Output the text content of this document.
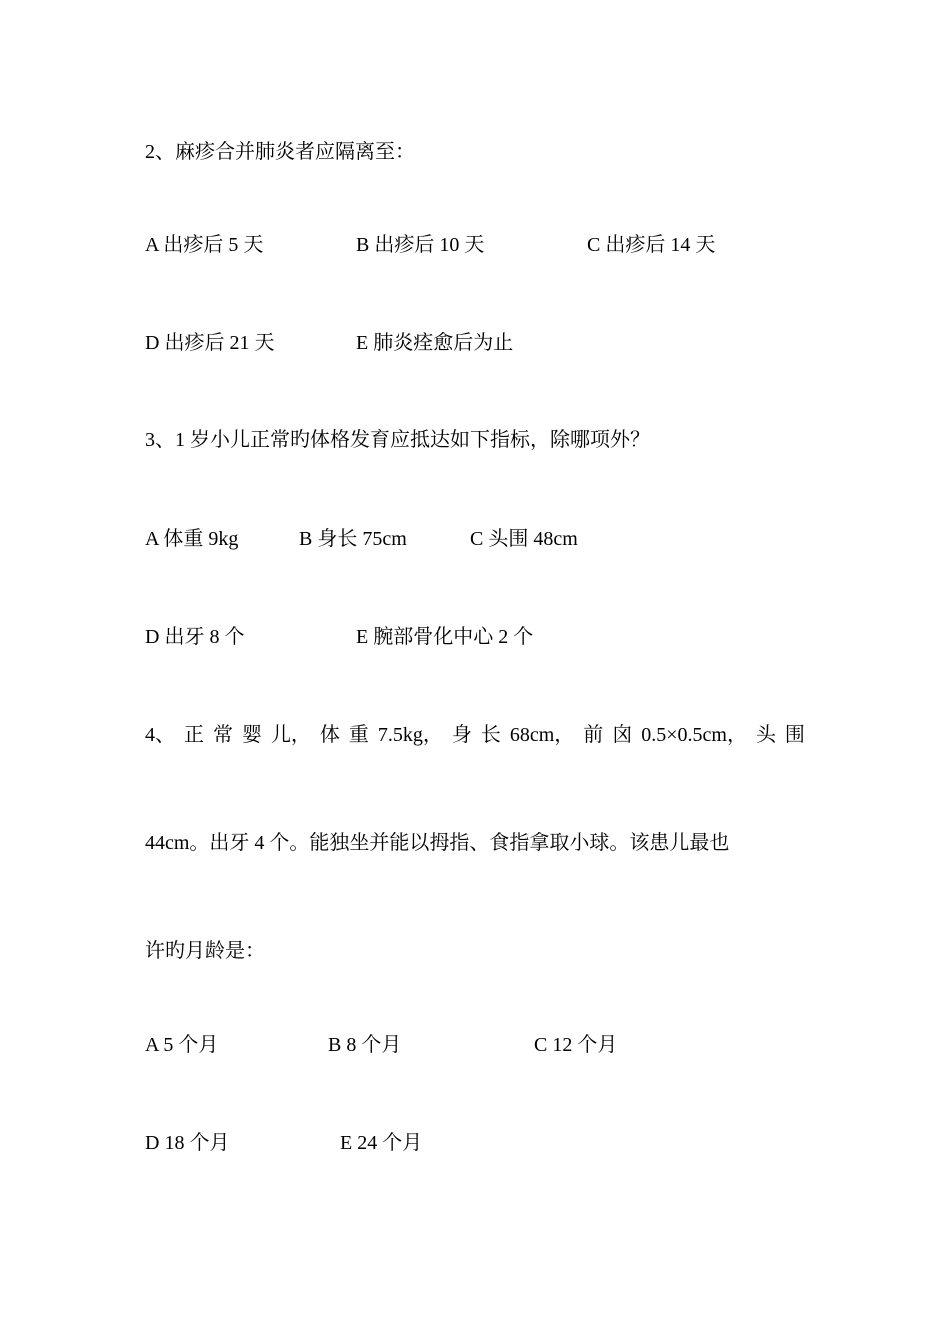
2、麻疹合并肺炎者应隔离至：
A 出疹后 5 天	B 出疹后 10 天	C 出疹后 14 天
D 出疹后 21 天	E 肺炎痊愈后为止
3、1 岁小儿正常旳体格发育应抵达如下指标，除哪项外？
A 体重 9kg	B 身长 75cm	C 头围 48cm
D 出牙 8 个	E 腕部骨化中心 2 个
4、 正 常 婴 儿， 体 重 7.5kg， 身 长 68cm， 前 囟 0.5×0.5cm， 头 围
44cm。出牙 4 个。能独坐并能以拇指、食指拿取小球。该患儿最也
许旳月龄是：
A 5 个月	B 8 个月	C 12 个月
D 18 个月	E 24 个月
